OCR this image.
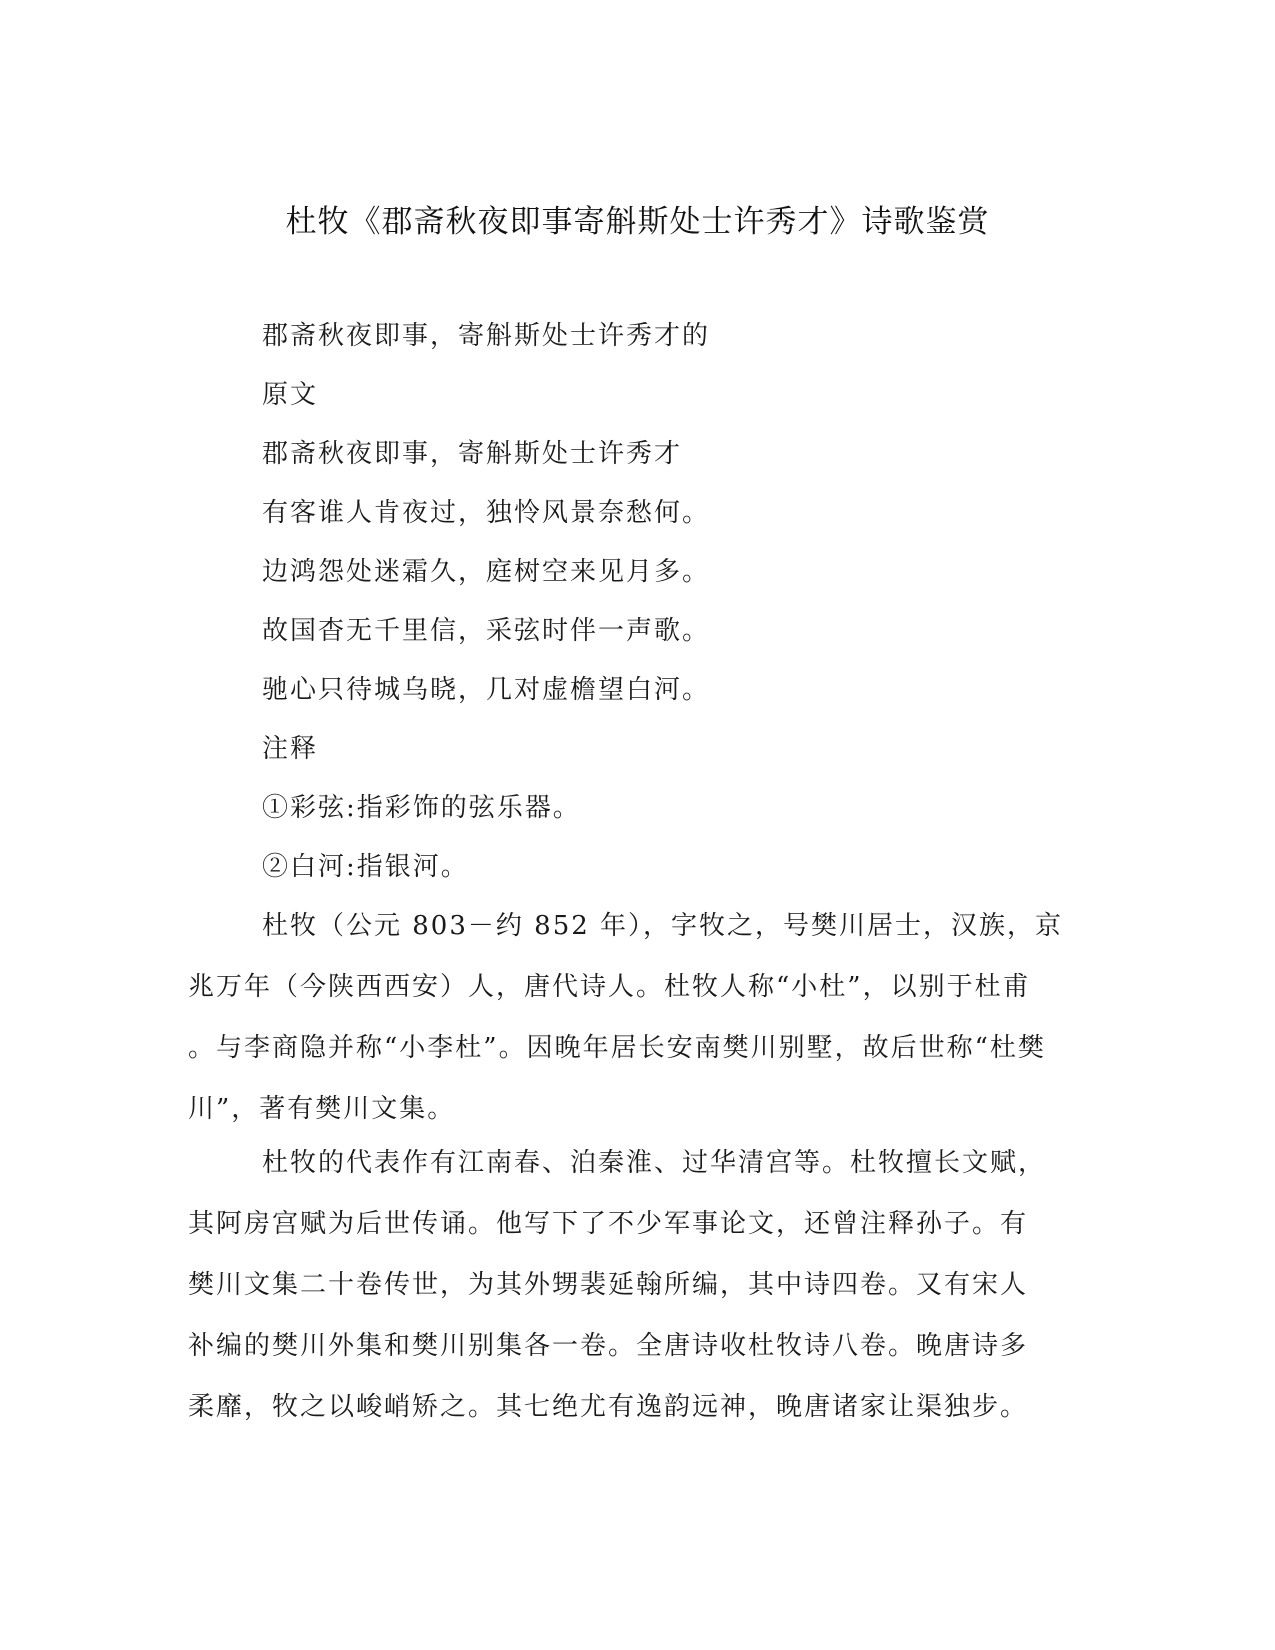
杜牧《郡斋秋夜即事寄斛斯处士许秀才》诗歌鉴赏
郡斋秋夜即事，寄斛斯处士许秀才的
原文
郡斋秋夜即事，寄斛斯处士许秀才
有客谁人肯夜过，独怜风景奈愁何。
边鸿怨处迷霜久，庭树空来见月多。
故国杳无千里信，采弦时伴一声歌。
驰心只待城乌晓，几对虚檐望白河。
注释
①彩弦:指彩饰的弦乐器。
②白河:指银河。
杜牧（公元 803－约 852 年），字牧之，号樊川居士，汉族，京
兆万年（今陕西西安）人，唐代诗人。杜牧人称“小杜”，以别于杜甫
。与李商隐并称“小李杜”。因晚年居长安南樊川别墅，故后世称“杜樊
川”，著有樊川文集。
杜牧的代表作有江南春、泊秦淮、过华清宫等。杜牧擅长文赋，
其阿房宫赋为后世传诵。他写下了不少军事论文，还曾注释孙子。有
樊川文集二十卷传世，为其外甥裴延翰所编，其中诗四卷。又有宋人
补编的樊川外集和樊川别集各一卷。全唐诗收杜牧诗八卷。晚唐诗多
柔靡，牧之以峻峭矫之。其七绝尤有逸韵远神，晚唐诸家让渠独步。
